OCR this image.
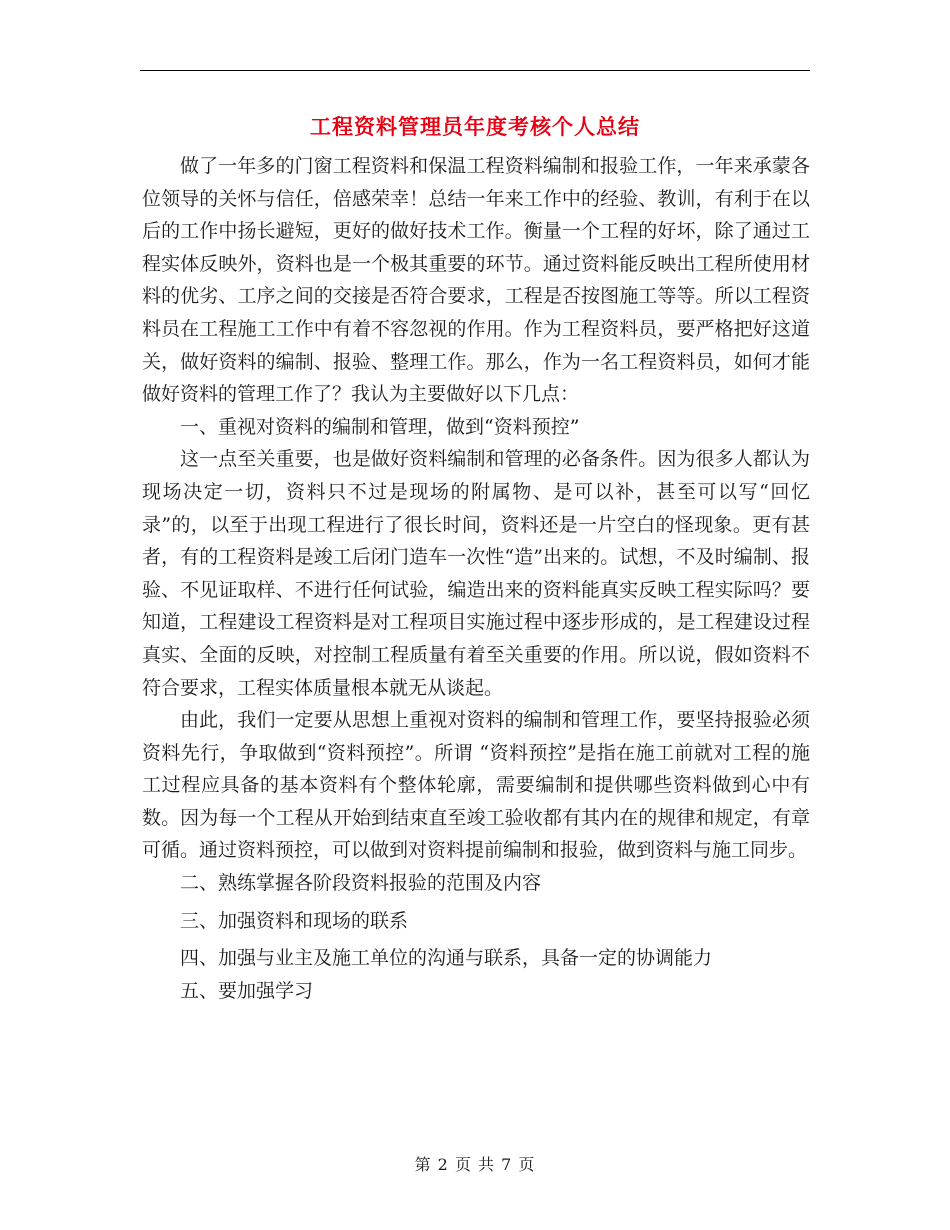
工程资料管理员年度考核个人总结

做了一年多的门窗工程资料和保温工程资料编制和报验工作，一年来承蒙各位领导的关怀与信任，倍感荣幸！总结一年来工作中的经验、教训，有利于在以后的工作中扬长避短，更好的做好技术工作。衡量一个工程的好坏，除了通过工程实体反映外，资料也是一个极其重要的环节。通过资料能反映出工程所使用材料的优劣、工序之间的交接是否符合要求，工程是否按图施工等等。所以工程资料员在工程施工工作中有着不容忽视的作用。作为工程资料员，要严格把好这道关，做好资料的编制、报验、整理工作。那么，作为一名工程资料员，如何才能做好资料的管理工作了？我认为主要做好以下几点：

一、重视对资料的编制和管理，做到“资料预控”

这一点至关重要，也是做好资料编制和管理的必备条件。因为很多人都认为现场决定一切，资料只不过是现场的附属物、是可以补，甚至可以写“回忆录”的，以至于出现工程进行了很长时间，资料还是一片空白的怪现象。更有甚者，有的工程资料是竣工后闭门造车一次性“造”出来的。试想，不及时编制、报验、不见证取样、不进行任何试验，编造出来的资料能真实反映工程实际吗？要知道，工程建设工程资料是对工程项目实施过程中逐步形成的，是工程建设过程真实、全面的反映，对控制工程质量有着至关重要的作用。所以说，假如资料不符合要求，工程实体质量根本就无从谈起。

由此，我们一定要从思想上重视对资料的编制和管理工作，要坚持报验必须资料先行，争取做到“资料预控”。所谓 “资料预控”是指在施工前就对工程的施工过程应具备的基本资料有个整体轮廓，需要编制和提供哪些资料做到心中有数。因为每一个工程从开始到结束直至竣工验收都有其内在的规律和规定，有章可循。通过资料预控，可以做到对资料提前编制和报验，做到资料与施工同步。

二、熟练掌握各阶段资料报验的范围及内容

三、加强资料和现场的联系

四、加强与业主及施工单位的沟通与联系，具备一定的协调能力

五、要加强学习

第 2 页 共 7 页
